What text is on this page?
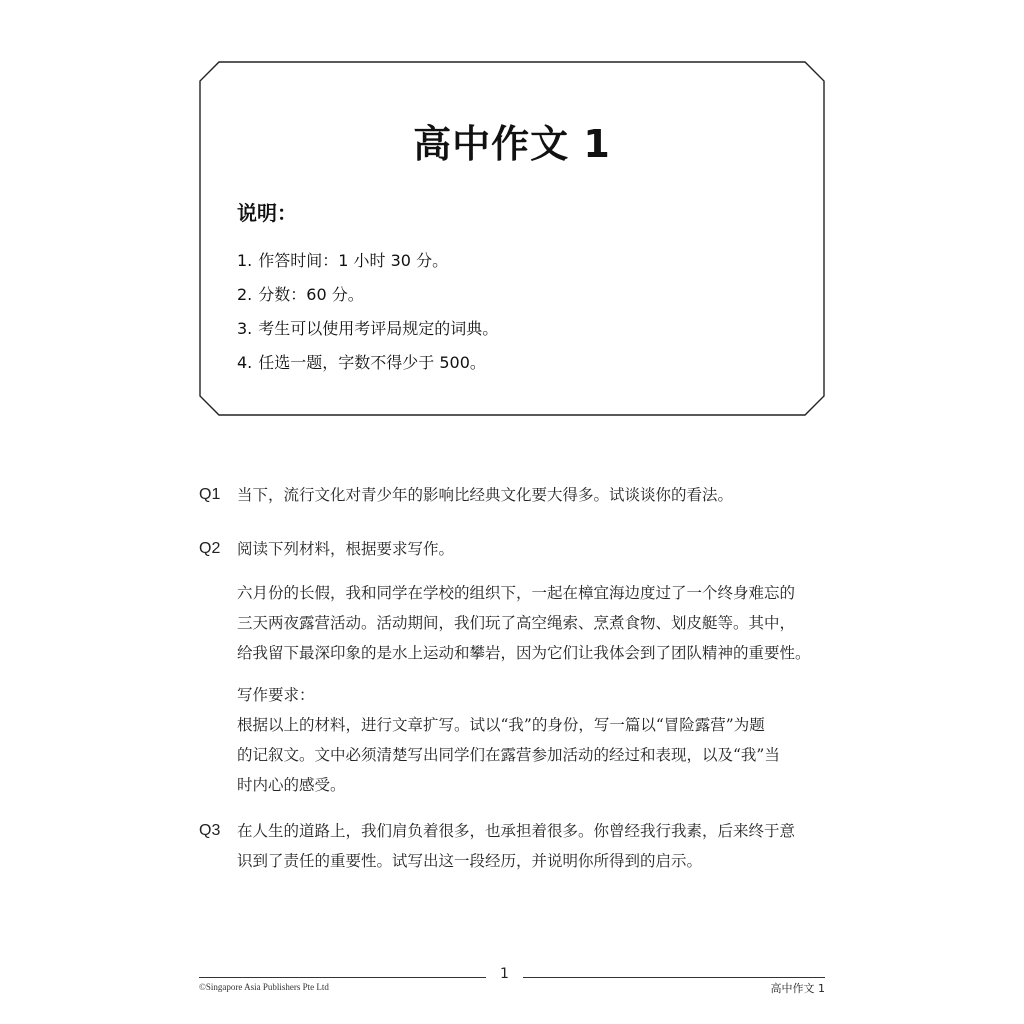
高中作文 1
说明：
1. 作答时间：1 小时 30 分。
2. 分数：60 分。
3. 考生可以使用考评局规定的词典。
4. 任选一题，字数不得少于 500。
Q1 当下，流行文化对青少年的影响比经典文化要大得多。试谈谈你的看法。

Q2 阅读下列材料，根据要求写作。

六月份的长假，我和同学在学校的组织下，一起在樟宜海边度过了一个终身难忘的

三天两夜露营活动。活动期间，我们玩了高空绳索、烹煮食物、划皮艇等。其中，

给我留下最深印象的是水上运动和攀岩，因为它们让我体会到了团队精神的重要性。

写作要求：

根据以上的材料，进行文章扩写。试以“我”的身份，写一篇以“冒险露营”为题

的记叙文。文中必须清楚写出同学们在露营参加活动的经过和表现，以及“我”当

时内心的感受。

Q3 在人生的道路上，我们肩负着很多，也承担着很多。你曾经我行我素，后来终于意

识到了责任的重要性。试写出这一段经历，并说明你所得到的启示。

1
©Singapore Asia Publishers Pte Ltd	高中作文 1
